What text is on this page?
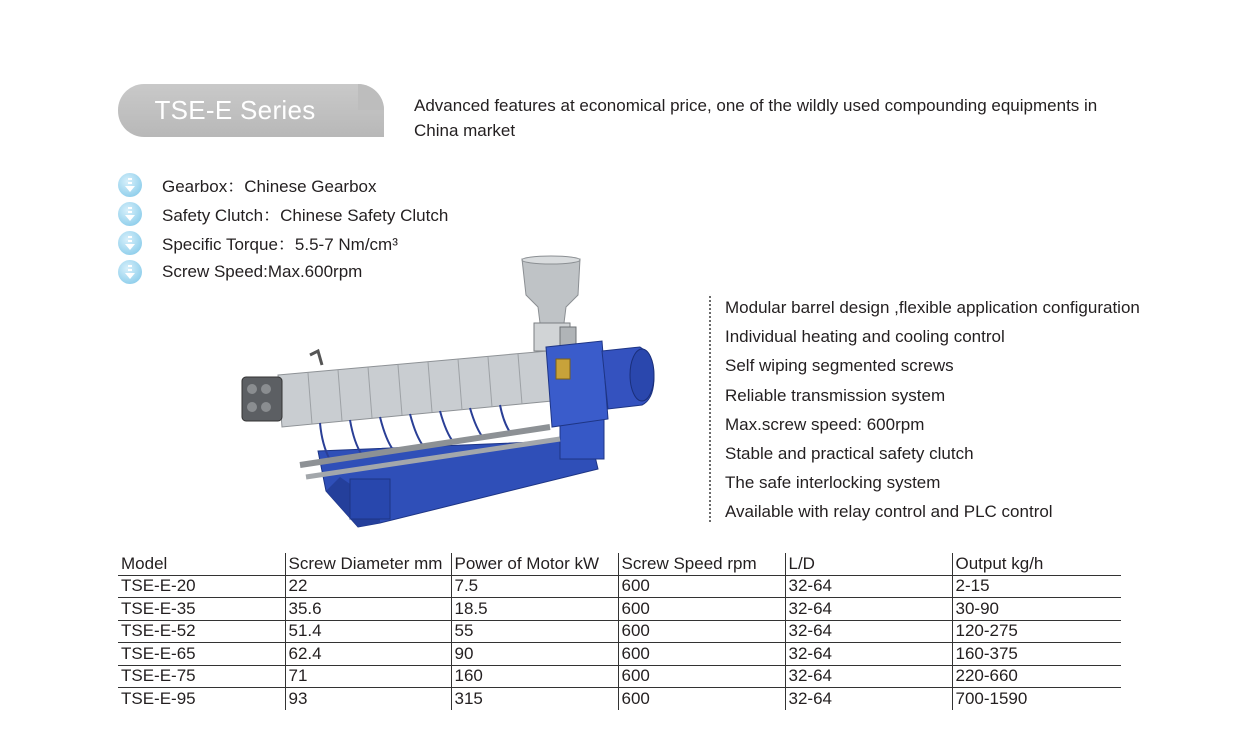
TSE-E Series	Advanced features at economical price, one of the wildly used compounding equipments in China market
Gearbox：Chinese Gearbox
Safety Clutch：Chinese Safety Clutch
Specific Torque：5.5-7 Nm/cm³
Screw Speed:Max.600rpm
Modular barrel design ,flexible application configuration
Individual heating and cooling control
Self wiping segmented screws
Reliable transmission system
Max.screw speed: 600rpm
Stable and practical safety clutch
The safe interlocking system
Available with relay control and PLC control
Model	Screw Diameter mm	Power of Motor kW	Screw Speed rpm	L/D	Output kg/h
TSE-E-20	22	7.5	600	32-64	2-15
TSE-E-35	35.6	18.5	600	32-64	30-90
TSE-E-52	51.4	55	600	32-64	120-275
TSE-E-65	62.4	90	600	32-64	160-375
TSE-E-75	71	160	600	32-64	220-660
TSE-E-95	93	315	600	32-64	700-1590
